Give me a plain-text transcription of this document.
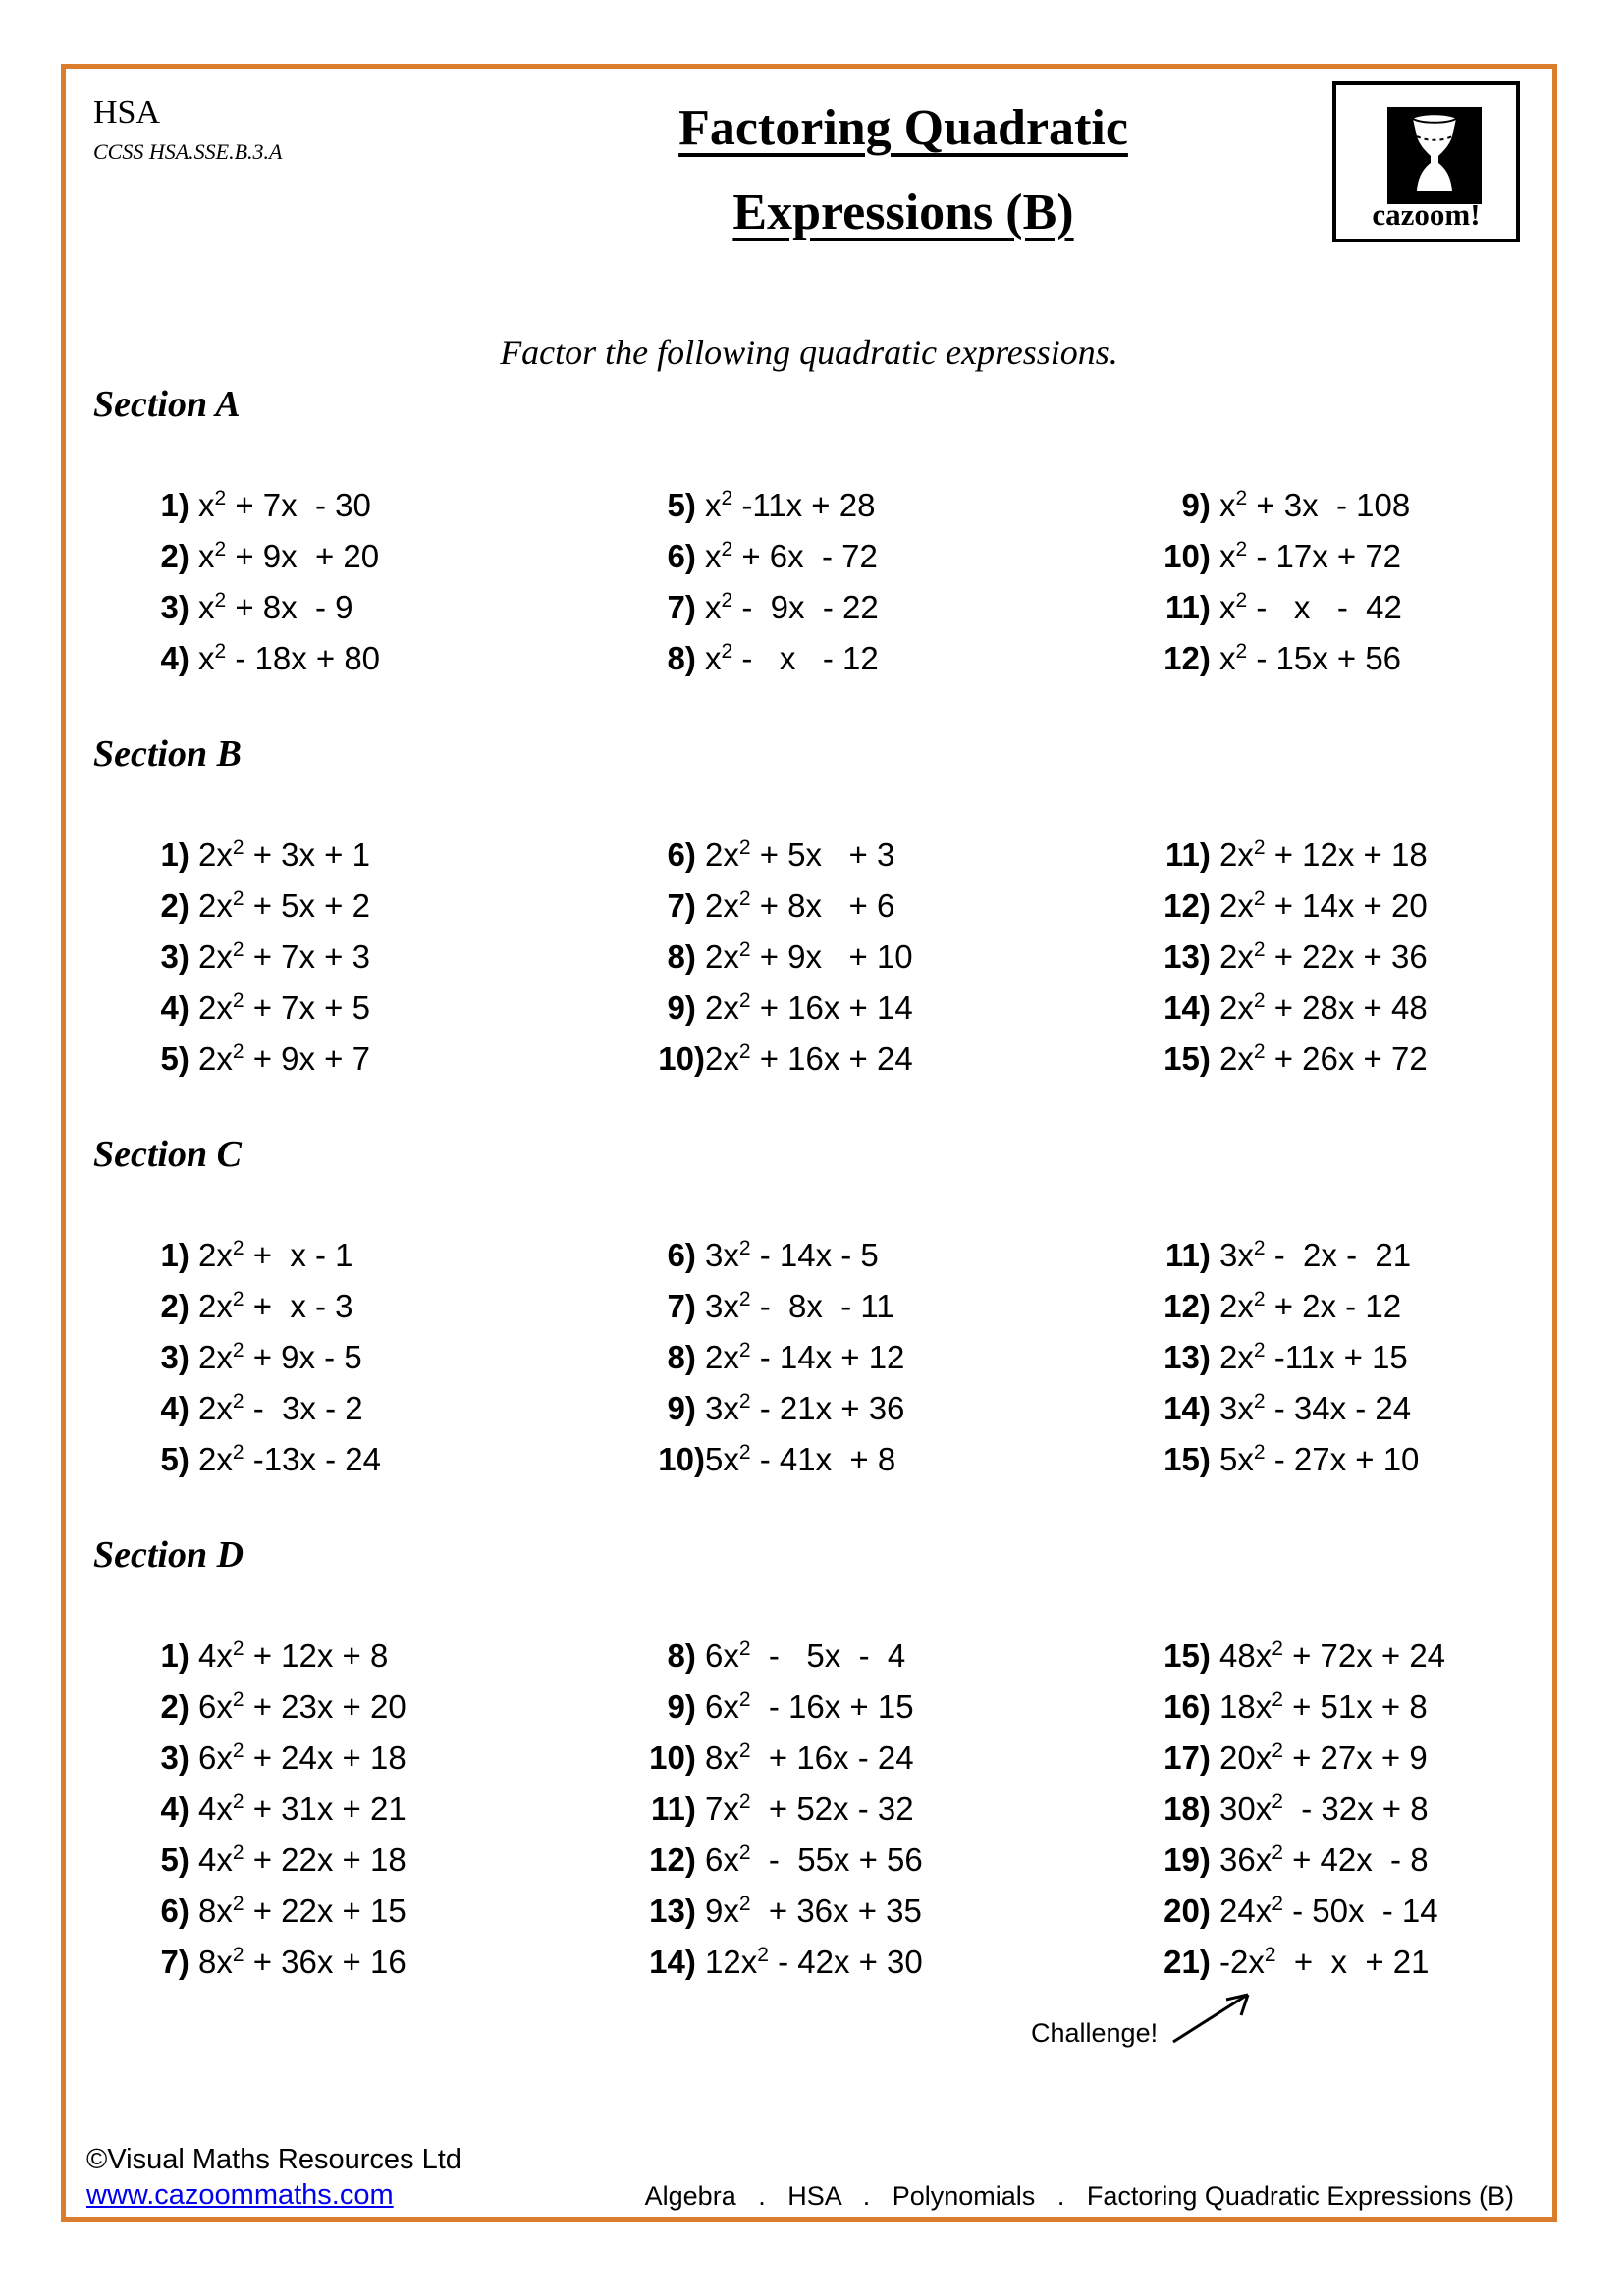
HSA
CCSS HSA.SSE.B.3.A	Factoring Quadratic
Expressions (B)	cazoom!
Factor the following quadratic expressions.
Section A
1) $x^2 + 7x - 30$
2) $x^2 + 9x + 20$
3) $x^2 + 8x - 9$
4) $x^2 - 18x + 80$
5) $x^2$ -11x + 28
6) $x^2 + 6x - 72$
7) $x^2 - 9x - 22$
8) $x^2$ -   x   - 12
9) $x^2 + 3x - 108$
10) $x^2 - 17x + 72$
11) $x^2$ -   x   -  42
12) $x^2 - 15x + 56$
Section B
1) $2x^2 + 3x + 1$
2) $2x^2 + 5x + 2$
3) $2x^2 + 7x + 3$
4) $2x^2 + 7x + 5$
5) $2x^2 + 9x + 7$
6) $2x^2 + 5x + 3$
7) $2x^2 + 8x + 6$
8) $2x^2 + 9x + 10$
9) $2x^2 + 16x + 14$
10) $2x^2 + 16x + 24$
11) $2x^2 + 12x + 18$
12) $2x^2 + 14x + 20$
13) $2x^2 + 22x + 36$
14) $2x^2 + 28x + 48$
15) $2x^2 + 26x + 72$
Section C
1) $2x^2 + x - 1$
2) $2x^2 + x - 3$
3) $2x^2 + 9x - 5$
4) $2x^2 - 3x - 2$
5) $2x^2$ -13x - 24
6) $3x^2 - 14x - 5$
7) $3x^2 - 8x - 11$
8) $2x^2 - 14x + 12$
9) $3x^2 - 21x + 36$
10) $5x^2 - 41x + 8$
11) $3x^2 - 2x - 21$
12) $2x^2 + 2x - 12$
13) $2x^2$ -11x + 15
14) $3x^2 - 34x - 24$
15) $5x^2 - 27x + 10$
Section D
1) $4x^2 + 12x + 8$
2) $6x^2 + 23x + 20$
3) $6x^2 + 24x + 18$
4) $4x^2 + 31x + 21$
5) $4x^2 + 22x + 18$
6) $8x^2 + 22x + 15$
7) $8x^2 + 36x + 16$
8) $6x^2 - 5x - 4$
9) $6x^2 - 16x + 15$
10) $8x^2 + 16x - 24$
11) $7x^2 + 52x - 32$
12) $6x^2 - 55x + 56$
13) $9x^2 + 36x + 35$
14) $12x^2 - 42x + 30$
15) $48x^2 + 72x + 24$
16) $18x^2 + 51x + 8$
17) $20x^2 + 27x + 9$
18) $30x^2 - 32x + 8$
19) $36x^2 + 42x - 8$
20) $24x^2 - 50x - 14$
21) $-2x^2 + x + 21$
Challenge!
©Visual Maths Resources Ltd
www.cazoommaths.com	Algebra   .   HSA   .   Polynomials   .   Factoring Quadratic Expressions (B)
